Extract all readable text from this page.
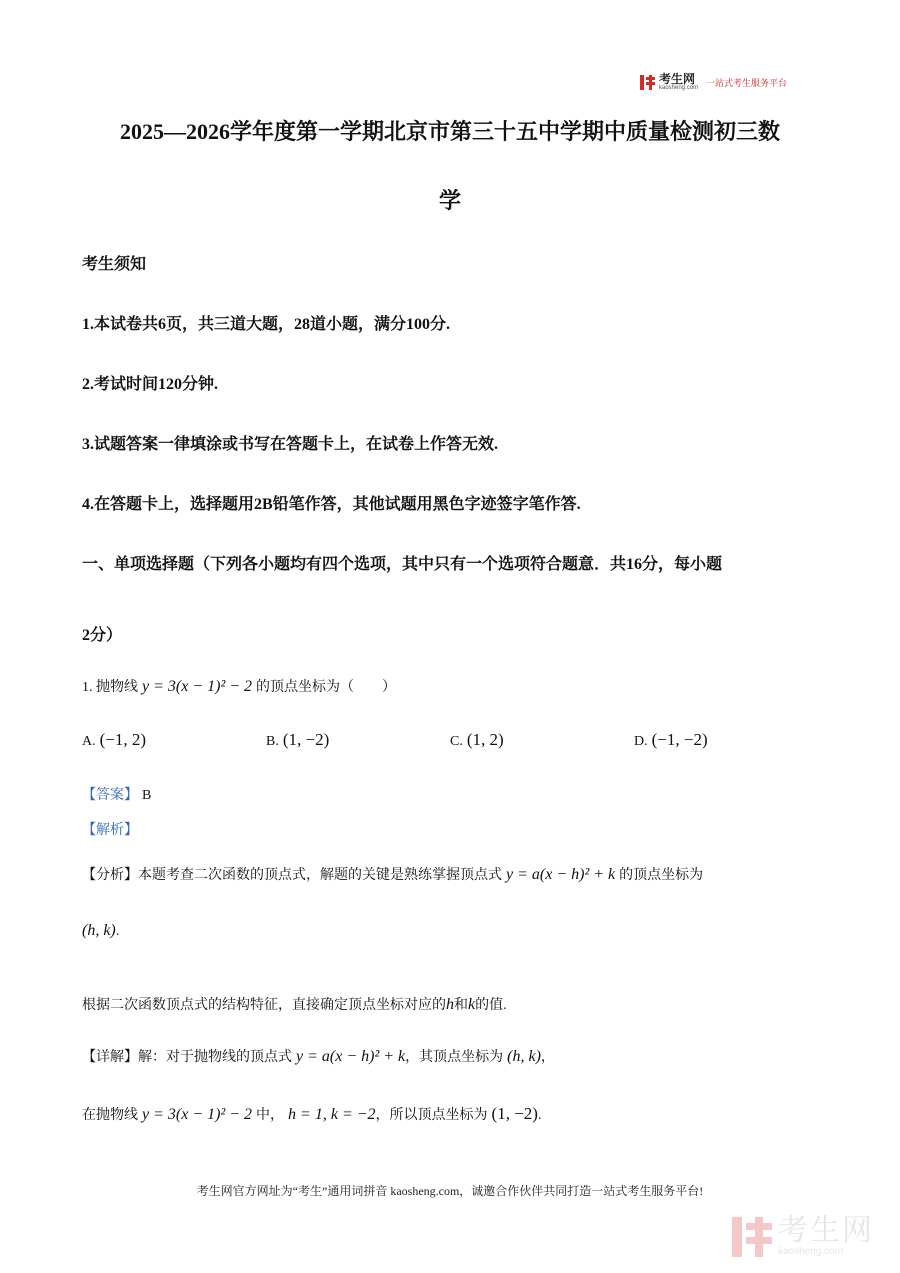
考生网
kaosheng.com 一站式考生服务平台
2025—2026学年度第一学期北京市第三十五中学期中质量检测初三数
学
考生须知
1.本试卷共6页，共三道大题，28道小题，满分100分.
2.考试时间120分钟.
3.试题答案一律填涂或书写在答题卡上，在试卷上作答无效.
4.在答题卡上，选择题用2B铅笔作答，其他试题用黑色字迹签字笔作答.
一、单项选择题（下列各小题均有四个选项，其中只有一个选项符合题意．共16分，每小题
2分）
1. 抛物线 y = 3(x − 1)² − 2 的顶点坐标为（　　）
A. (−1, 2)	B. (1, −2)	C. (1, 2)	D. (−1, −2)
【答案】 B
【解析】
【分析】本题考查二次函数的顶点式，解题的关键是熟练掌握顶点式 y = a(x − h)² + k 的顶点坐标为
(h, k).
根据二次函数顶点式的结构特征，直接确定顶点坐标对应的h和k的值.
【详解】解：对于抛物线的顶点式 y = a(x − h)² + k，其顶点坐标为 (h, k)，
在抛物线 y = 3(x − 1)² − 2 中， h = 1, k = −2，所以顶点坐标为 (1, −2).
考生网官方网址为“考生”通用词拼音 kaosheng.com，诚邀合作伙伴共同打造一站式考生服务平台!
考生网
kaosheng.com
